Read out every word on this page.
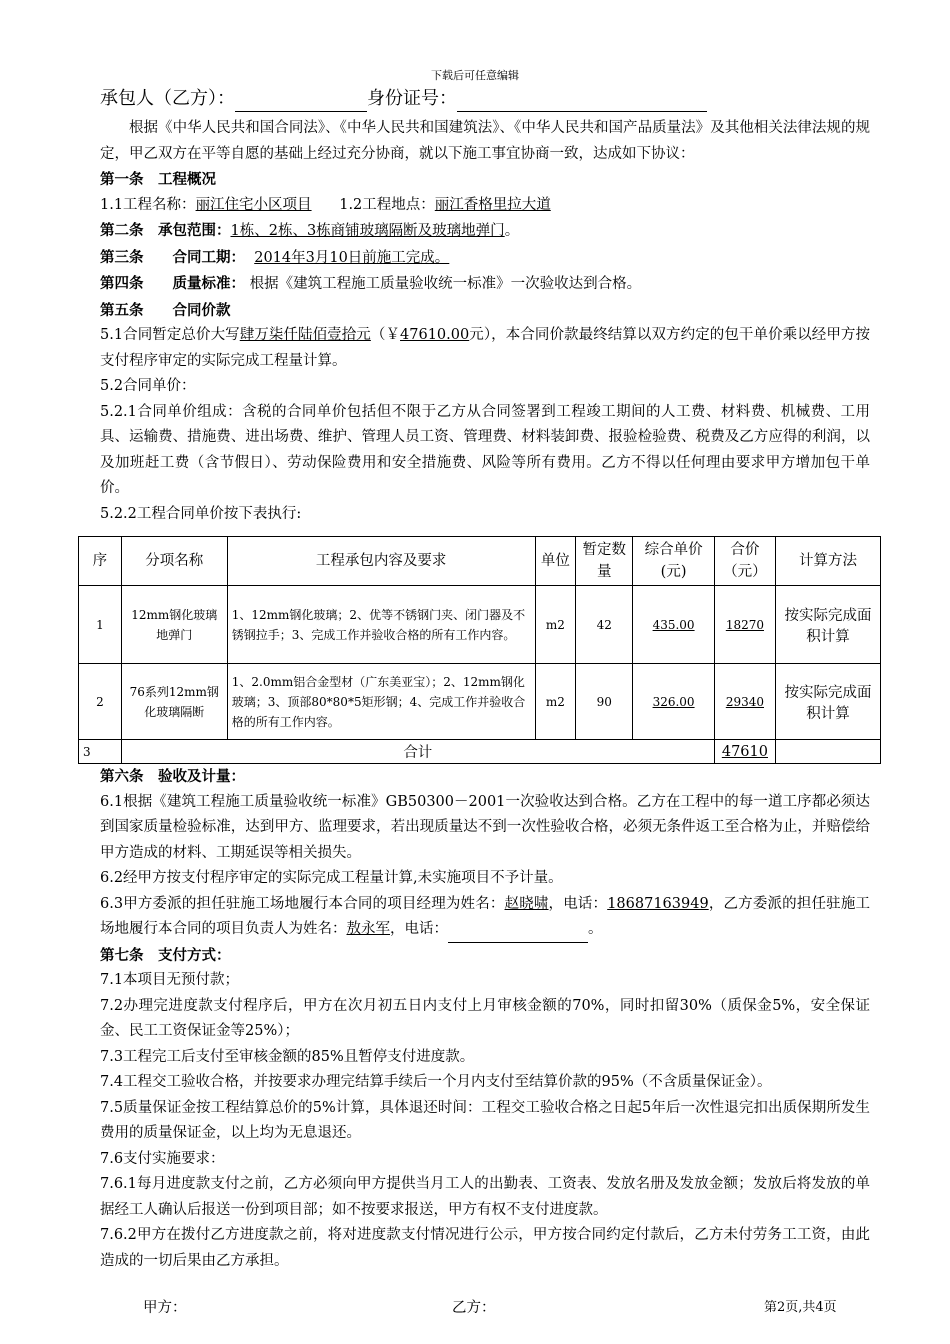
下载后可任意编辑
承包人（乙方）：	身份证号：
根据《中华人民共和国合同法》、《中华人民共和国建筑法》、《中华人民共和国产品质量法》及其他相关法律法规的规定，甲乙双方在平等自愿的基础上经过充分协商，就以下施工事宜协商一致，达成如下协议：
第一条　工程概况
1.1工程名称：丽江住宅小区项目 1.2工程地点：丽江香格里拉大道
第二条　承包范围：1栋、2栋、3栋商铺玻璃隔断及玻璃地弹门。
第三条　　合同工期： 2014年3月10日前施工完成。
第四条　　质量标准： 根据《建筑工程施工质量验收统一标准》一次验收达到合格。
第五条　　合同价款
5.1合同暂定总价大写肆万柒仟陆佰壹拾元（￥47610.00元），本合同价款最终结算以双方约定的包干单价乘以经甲方按支付程序审定的实际完成工程量计算。
5.2合同单价：
5.2.1合同单价组成：含税的合同单价包括但不限于乙方从合同签署到工程竣工期间的人工费、材料费、机械费、工用具、运输费、措施费、进出场费、维护、管理人员工资、管理费、材料装卸费、报验检验费、税费及乙方应得的利润，以及加班赶工费（含节假日）、劳动保险费用和安全措施费、风险等所有费用。乙方不得以任何理由要求甲方增加包干单价。
5.2.2工程合同单价按下表执行:
序	分项名称	工程承包内容及要求	单位	暂定数量	综合单价(元)	合价（元）	计算方法
1	12mm钢化玻璃地弹门	1、12mm钢化玻璃；2、优等不锈钢门夹、闭门器及不锈钢拉手；3、完成工作并验收合格的所有工作内容。	m2	42	435.00	18270	按实际完成面积计算
2	76系列12mm钢化玻璃隔断	1、2.0mm铝合金型材（广东美亚宝）；2、12mm钢化玻璃；3、顶部80*80*5矩形钢；4、完成工作并验收合格的所有工作内容。	m2	90	326.00	29340	按实际完成面积计算
3	合计					47610	
第六条　验收及计量：
6.1根据《建筑工程施工质量验收统一标准》GB50300－2001一次验收达到合格。乙方在工程中的每一道工序都必须达到国家质量检验标准，达到甲方、监理要求，若出现质量达不到一次性验收合格，必须无条件返工至合格为止，并赔偿给甲方造成的材料、工期延误等相关损失。
6.2经甲方按支付程序审定的实际完成工程量计算,未实施项目不予计量。
6.3甲方委派的担任驻施工场地履行本合同的项目经理为姓名：赵晓啸，电话：18687163949，乙方委派的担任驻施工场地履行本合同的项目负责人为姓名：敖永军，电话：	。
第七条　支付方式：
7.1本项目无预付款；
7.2办理完进度款支付程序后，甲方在次月初五日内支付上月审核金额的70%，同时扣留30%（质保金5%，安全保证金、民工工资保证金等25%）；
7.3工程完工后支付至审核金额的85%且暂停支付进度款。
7.4工程交工验收合格，并按要求办理完结算手续后一个月内支付至结算价款的95%（不含质量保证金）。
7.5质量保证金按工程结算总价的5%计算，具体退还时间：工程交工验收合格之日起5年后一次性退完扣出质保期所发生费用的质量保证金，以上均为无息退还。
7.6支付实施要求：
7.6.1每月进度款支付之前，乙方必须向甲方提供当月工人的出勤表、工资表、发放名册及发放金额；发放后将发放的单据经工人确认后报送一份到项目部；如不按要求报送，甲方有权不支付进度款。
7.6.2甲方在拨付乙方进度款之前，将对进度款支付情况进行公示，甲方按合同约定付款后，乙方未付劳务工工资，由此造成的一切后果由乙方承担。
甲方：	乙方：	第2页,共4页
